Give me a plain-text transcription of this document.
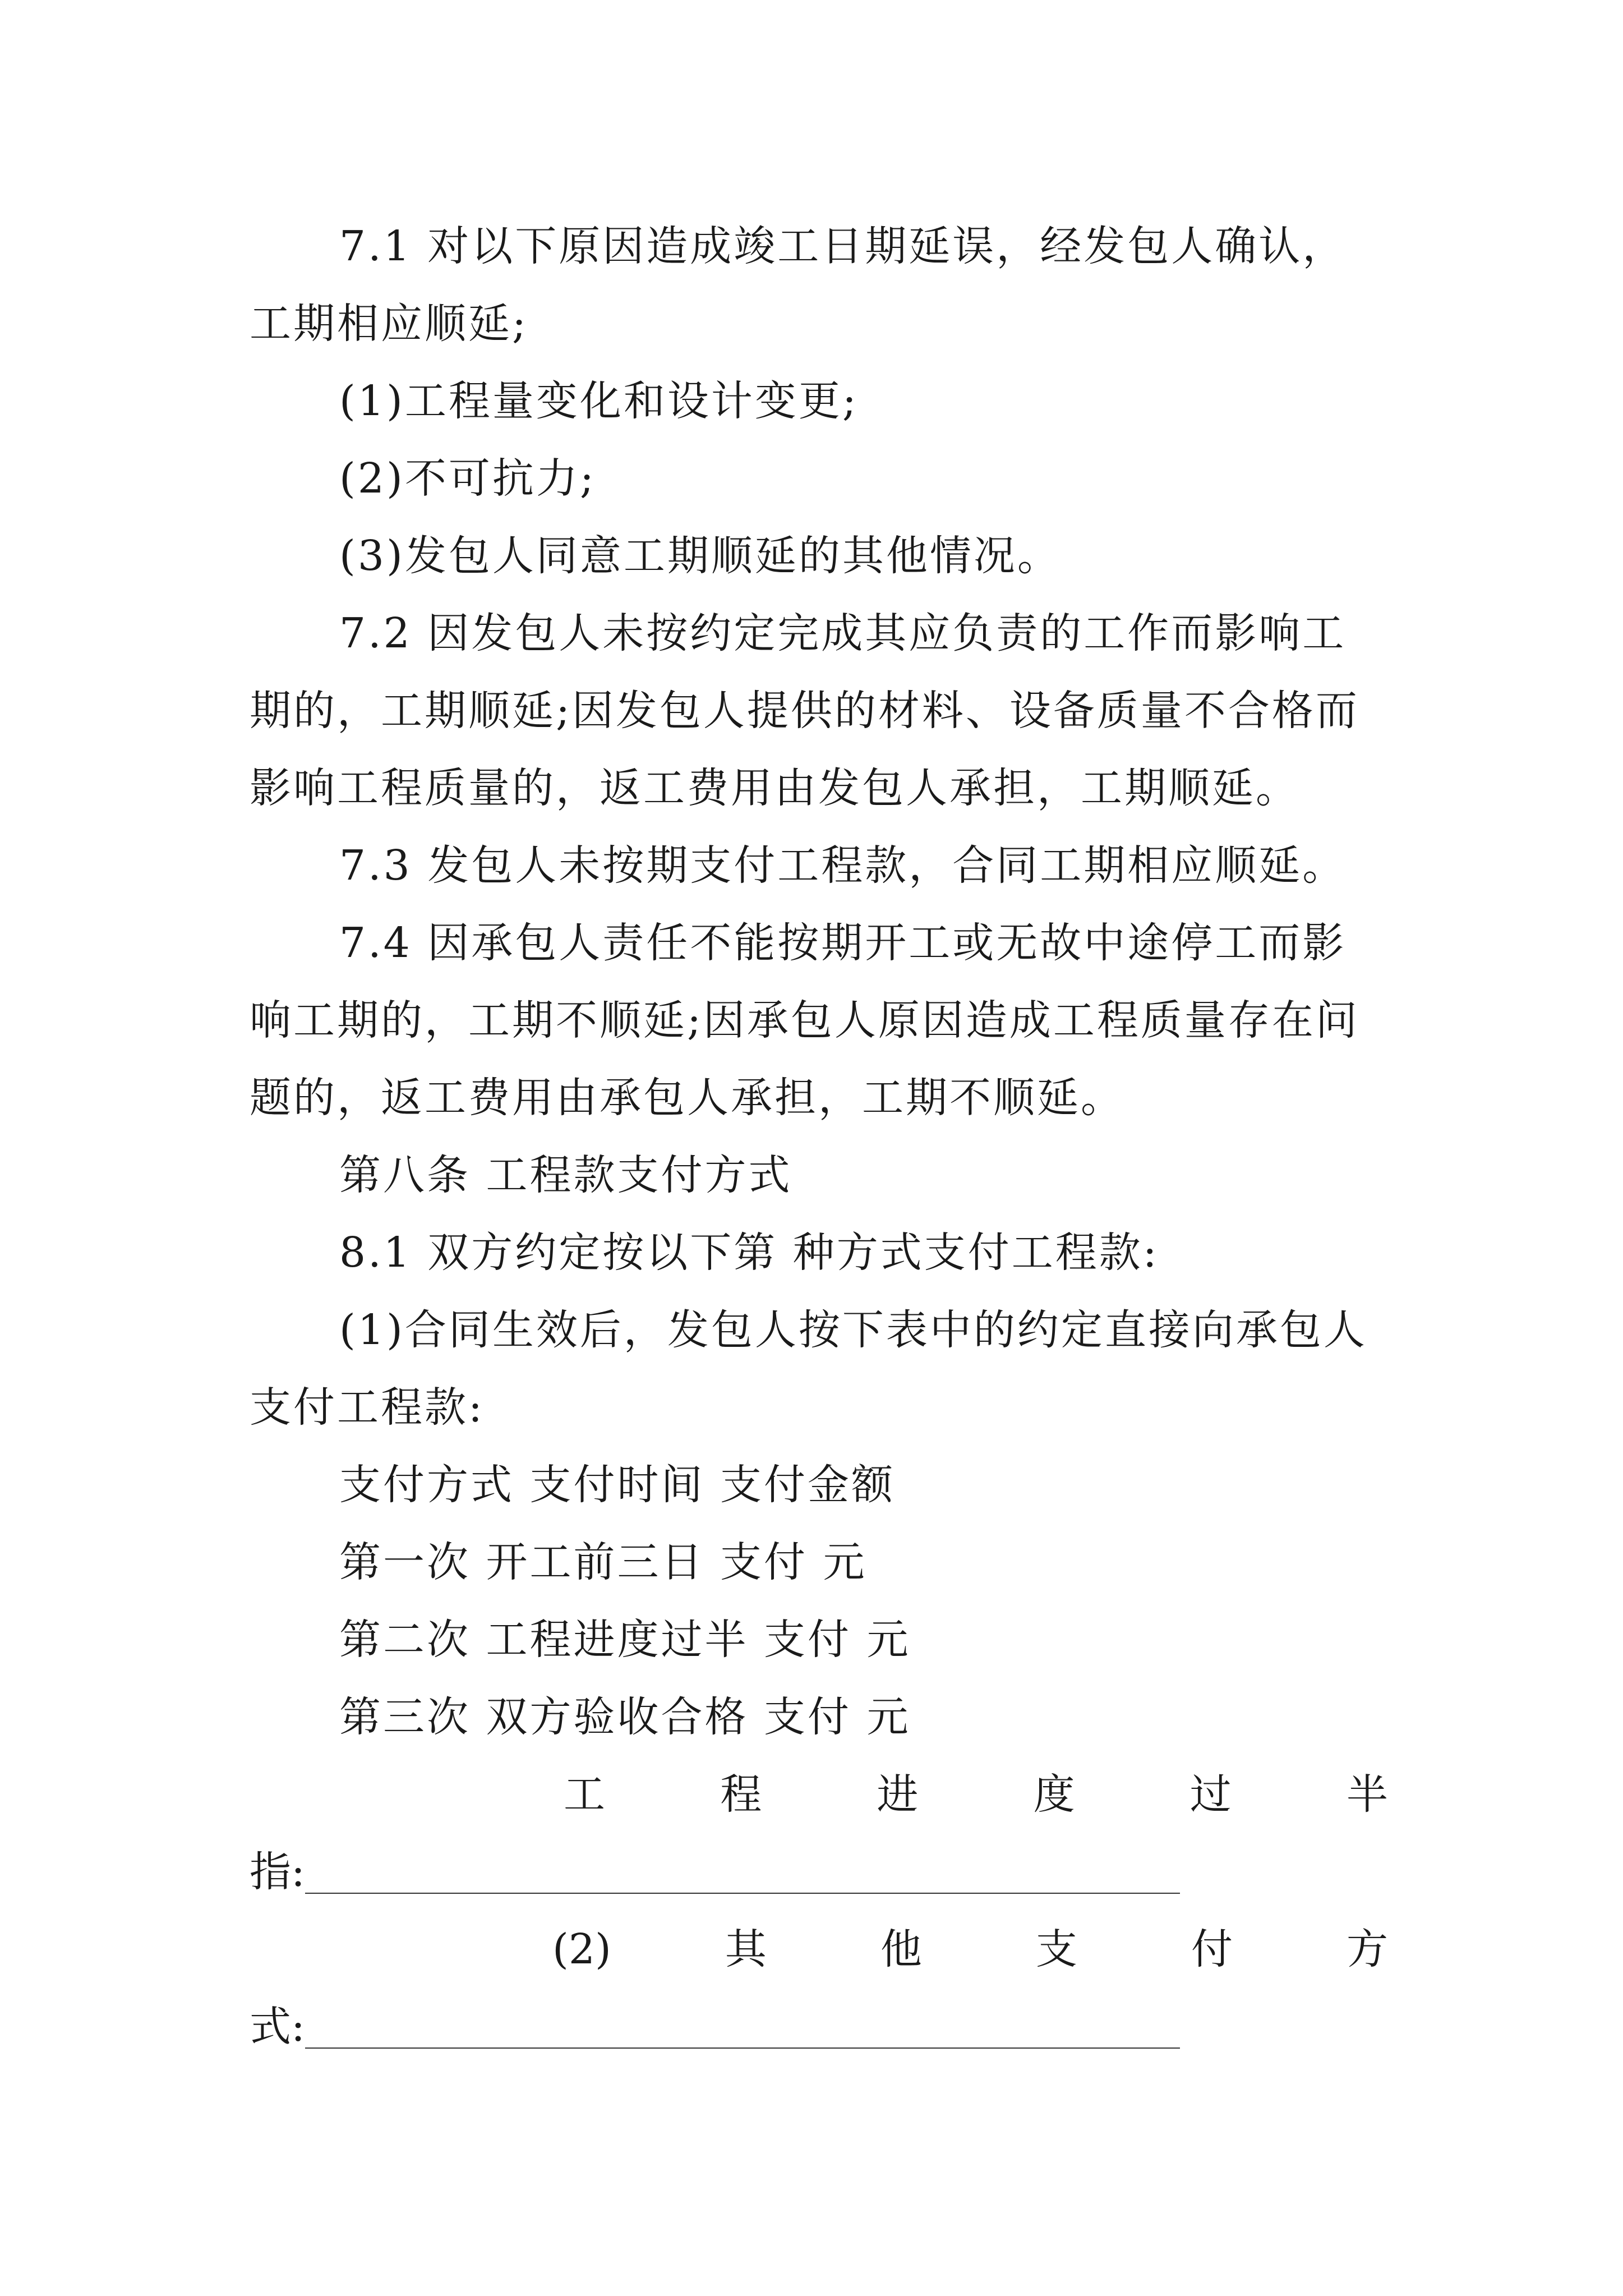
7.1 对以下原因造成竣工日期延误，经发包人确认，工期相应顺延;

(1)工程量变化和设计变更;

(2)不可抗力;

(3)发包人同意工期顺延的其他情况。

7.2 因发包人未按约定完成其应负责的工作而影响工期的，工期顺延;因发包人提供的材料、设备质量不合格而影响工程质量的，返工费用由发包人承担，工期顺延。

7.3 发包人未按期支付工程款，合同工期相应顺延。

7.4 因承包人责任不能按期开工或无故中途停工而影响工期的，工期不顺延;因承包人原因造成工程质量存在问题的，返工费用由承包人承担，工期不顺延。

第八条 工程款支付方式

8.1 双方约定按以下第 种方式支付工程款:

(1)合同生效后，发包人按下表中的约定直接向承包人支付工程款:

支付方式 支付时间 支付金额

第一次 开工前三日 支付 元

第二次 工程进度过半 支付 元

第三次 双方验收合格 支付 元

工	程	进	度	过	半
指:
(2)	其	他	支	付	方
式:
